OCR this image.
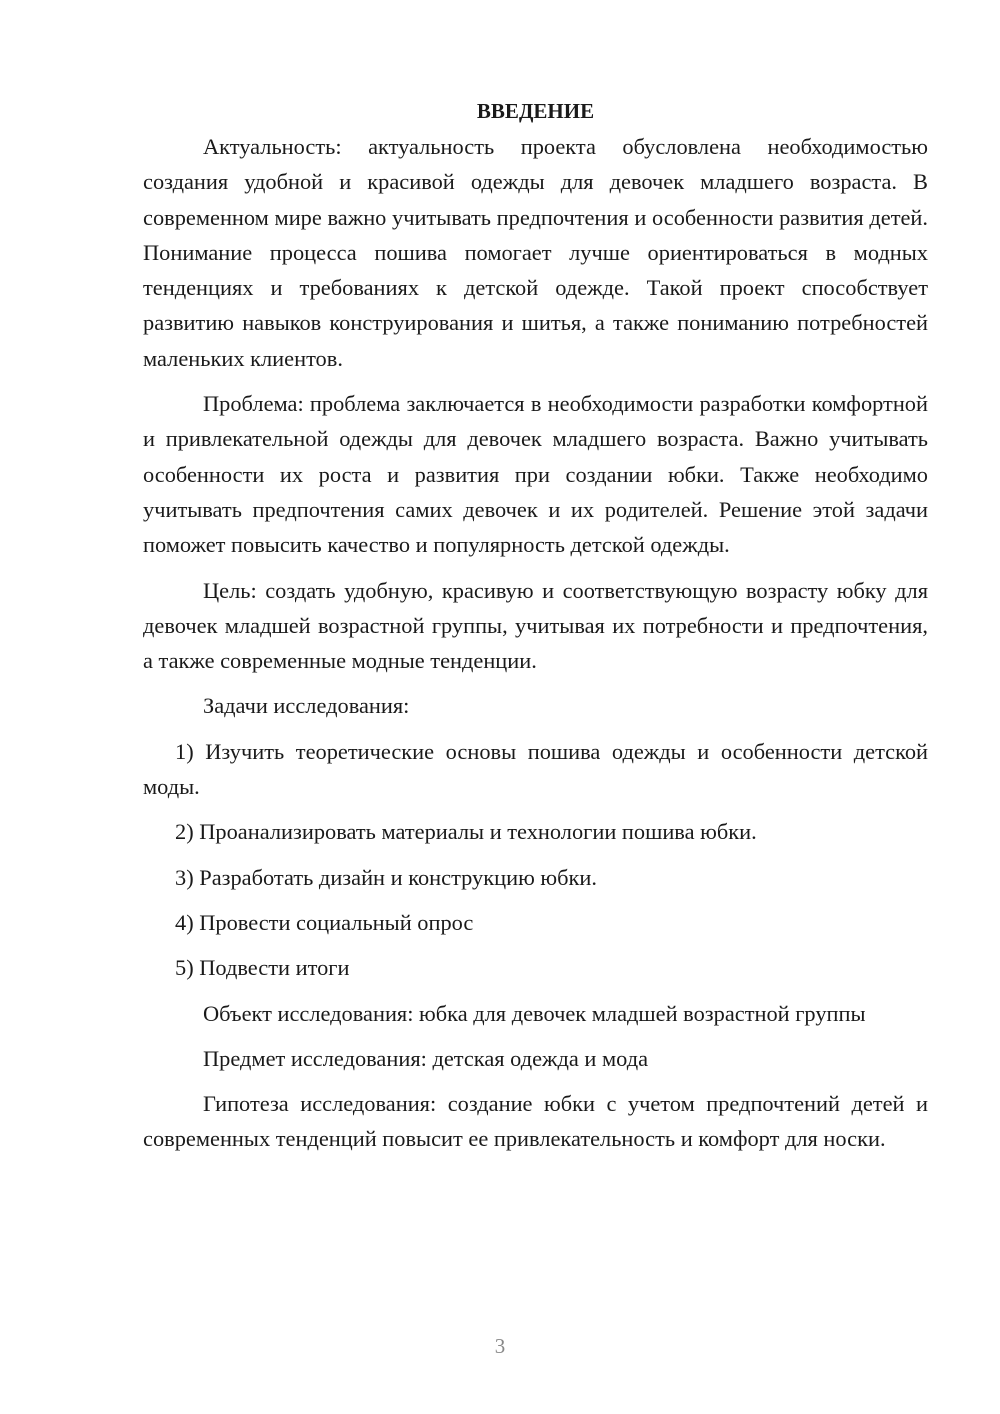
ВВЕДЕНИЕ

Актуальность: актуальность проекта обусловлена необходимостью создания удобной и красивой одежды для девочек младшего возраста. В современном мире важно учитывать предпочтения и особенности развития детей. Понимание процесса пошива помогает лучше ориентироваться в модных тенденциях и требованиях к детской одежде. Такой проект способствует развитию навыков конструирования и шитья, а также пониманию потребностей маленьких клиентов.

Проблема: проблема заключается в необходимости разработки комфортной и привлекательной одежды для девочек младшего возраста. Важно учитывать особенности их роста и развития при создании юбки. Также необходимо учитывать предпочтения самих девочек и их родителей. Решение этой задачи поможет повысить качество и популярность детской одежды.

Цель: создать удобную, красивую и соответствующую возрасту юбку для девочек младшей возрастной группы, учитывая их потребности и предпочтения, а также современные модные тенденции.

Задачи исследования:

1) Изучить теоретические основы пошива одежды и особенности детской моды.

2) Проанализировать материалы и технологии пошива юбки.

3) Разработать дизайн и конструкцию юбки.

4) Провести социальный опрос

5) Подвести итоги

Объект исследования: юбка для девочек младшей возрастной группы

Предмет исследования: детская одежда и мода

Гипотеза исследования: создание юбки с учетом предпочтений детей и современных тенденций повысит ее привлекательность и комфорт для носки.

3
